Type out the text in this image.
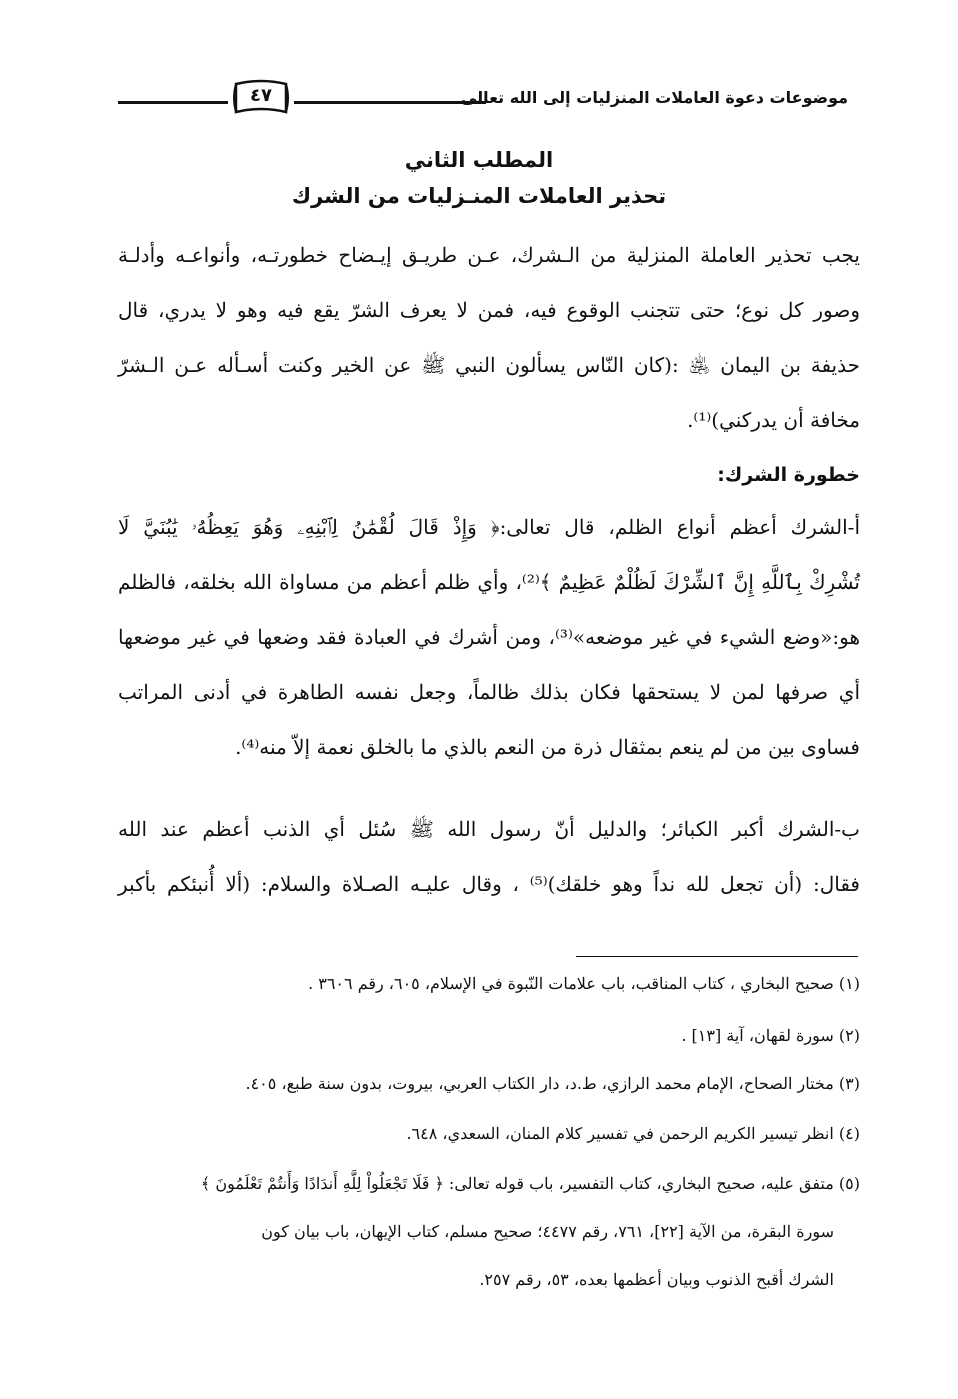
موضوعات دعوة العاملات المنزليات إلى الله تعالى
٤٧
المطلب الثاني
تحذير العاملات المنـزليات من الشرك
يجب تحذير العاملة المنزلية من الـشرك، عـن طريـق إيـضاح خطورتـه، وأنواعـه وأدلـة
وصور كل نوع؛ حتى تتجنب الوقوع فيه، فمن لا يعرف الشرّ يقع فيه وهو لا يدري، قال
حذيفة بن اليمان ﵁ :(كان النّاس يسألون النبي ﷺ عن الخير وكنت أسـأله عـن الـشرّ
مخافة أن يدركني)⁽¹⁾.
خطورة الشرك:
أ-الشرك أعظم أنواع الظلم، قال تعالى:﴿ وَإِذْ قَالَ لُقْمَٰنُ لِٱبْنِهِۦ وَهُوَ يَعِظُهُۥ يَٰبُنَيَّ لَا
تُشْرِكْ بِٱللَّهِ إِنَّ ٱلشِّرْكَ لَظُلْمٌ عَظِيمٌ ﴾⁽²⁾، وأي ظلم أعظم من مساواة الله بخلقه، فالظلم
هو:«وضع الشيء في غير موضعه»⁽³⁾، ومن أشرك في العبادة فقد وضعها في غير موضعها
أي صرفها لمن لا يستحقها فكان بذلك ظالماً، وجعل نفسه الطاهرة في أدنى المراتب
فساوى بين من لم ينعم بمثقال ذرة من النعم بالذي ما بالخلق نعمة إلاّ منه⁽⁴⁾.
ب-الشرك أكبر الكبائر؛ والدليل أنّ رسول الله ﷺ سُئل أي الذنب أعظم عند الله
فقال: (أن تجعل لله نداً وهو خلقك)⁽⁵⁾ ، وقال عليـه الصـلاة والسلام: (ألا أُنبئكم بأكبر
(١) صحيح البخاري ، كتاب المناقب، باب علامات النّبوة في الإسلام، ٦٠٥، رقم ٣٦٠٦ .
(٢) سورة لقهان، آية [١٣] .
(٣) مختار الصحاح، الإمام محمد الرازي، ط.د، دار الكتاب العربي، بيروت، بدون سنة طبع، ٤٠٥.
(٤) انظر تيسير الكريم الرحمن في تفسير كلام المنان، السعدي، ٦٤٨.
(٥) متفق عليه، صحيح البخاري، كتاب التفسير، باب قوله تعالى: ﴿ فَلَا تَجْعَلُواْ لِلَّهِ أَندَادًا وَأَنتُمْ تَعْلَمُونَ ﴾
سورة البقرة، من الآية [٢٢]، ٧٦١، رقم ٤٤٧٧؛ صحيح مسلم، كتاب الإيهان، باب بيان كون
الشرك أقبح الذنوب وبيان أعظمها بعده، ٥٣، رقم ٢٥٧.
